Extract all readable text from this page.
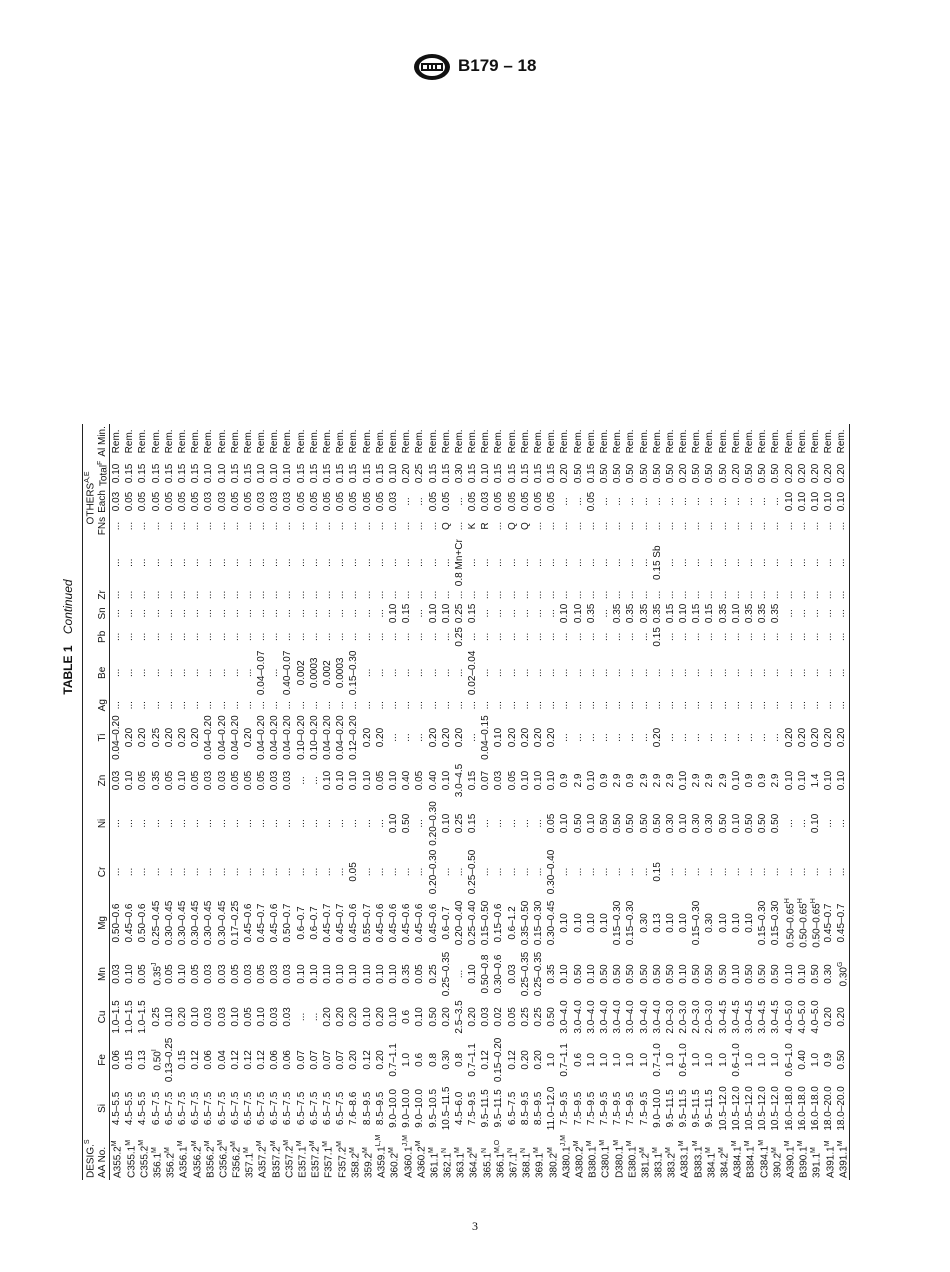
B179 – 18
TABLE 1 Continued
DESIG.$^S$																$OTHERS^{A,E}$	
AA No.	Si	Fe	Cu	Mn	Mg	Cr	Ni	Zn	Ti	Ag	Be	Pb	Sn	Zr		FNs	Each	Total$^F$	Al Min.
$A355.2^M$	4.5–5.5	0.06	1.0–1.5	0.03	0.50–0.6	...	...	0.03	0.04–0.20	...	...	...	...	...	...	...	0.03	0.10	Rem.
$C355.1^M$	4.5–5.5	0.15	1.0–1.5	0.10	0.45–0.6	...	...	0.10	0.20	...	...	...	...	...	...	...	0.05	0.15	Rem.
$C355.2^M$	4.5–5.5	0.13	1.0–1.5	0.05	0.50–0.6	...	...	0.05	0.20	...	...	...	...	...	...	...	0.05	0.15	Rem.
$356.1^M$	6.5–7.5	$0.50^I$	0.25	$0.35^J$	0.25–0.45	...	...	0.35	0.25	...	...	...	...	...	...	...	0.05	0.15	Rem.
$356.2^M$	6.5–7.5	0.13–0.25	0.10	0.05	0.30–0.45	...	...	0.05	0.20	...	...	...	...	...	...	...	0.05	0.15	Rem.
$A356.1^M$	6.5–7.5	0.15	0.20	0.10	0.30–0.45	...	...	0.10	0.20	...	...	...	...	...	...	...	0.05	0.15	Rem.
$A356.2^M$	6.5–7.5	0.12	0.10	0.05	0.30–0.45	...	...	0.05	0.20	...	...	...	...	...	...	...	0.05	0.15	Rem.
$B356.2^M$	6.5–7.5	0.06	0.03	0.03	0.30–0.45	...	...	0.03	0.04–0.20	...	...	...	...	...	...	...	0.03	0.10	Rem.
$C356.2^M$	6.5–7.5	0.04	0.03	0.03	0.30–0.45	...	...	0.03	0.04–0.20	...	...	...	...	...	...	...	0.03	0.10	Rem.
$F356.2^M$	6.5–7.5	0.12	0.10	0.05	0.17–0.25	...	...	0.05	0.04–0.20	...	...	...	...	...	...	...	0.05	0.15	Rem.
$357.1^M$	6.5–7.5	0.12	0.05	0.03	0.45–0.6	...	...	0.05	0.20	...	...	...	...	...	...	...	0.05	0.15	Rem.
$A357.2^M$	6.5–7.5	0.12	0.10	0.05	0.45–0.7	...	...	0.05	0.04–0.20	...	0.04–0.07	...	...	...	...	...	0.03	0.10	Rem.
$B357.2^M$	6.5–7.5	0.06	0.03	0.03	0.45–0.6	...	...	0.03	0.04–0.20	...	...	...	...	...	...	...	0.03	0.10	Rem.
$C357.2^M$	6.5–7.5	0.06	0.03	0.03	0.50–0.7	...	...	0.03	0.04–0.20	...	0.40–0.07	...	...	...	...	...	0.03	0.10	Rem.
$E357.1^M$	6.5–7.5	0.07	...	0.10	0.6–0.7	...	...	...	0.10–0.20	...	0.002	...	...	...	...	...	0.05	0.15	Rem.
$E357.2^M$	6.5–7.5	0.07	...	0.10	0.6–0.7	...	...	...	0.10–0.20	...	0.0003	...	...	...	...	...	0.05	0.15	Rem.
$F357.1^M$	6.5–7.5	0.07	0.20	0.10	0.45–0.7	...	...	0.10	0.04–0.20	...	0.002	...	...	...	...	...	0.05	0.15	Rem.
$F357.2^M$	6.5–7.5	0.07	0.20	0.10	0.45–0.7	...	...	0.10	0.04–0.20	...	0.0003	...	...	...	...	...	0.05	0.15	Rem.
$358.2^M$	7.6–8.6	0.20	0.20	0.10	0.45–0.6	0.05	...	0.10	0.12–0.20	...	0.15–0.30	...	...	...	...	...	0.05	0.15	Rem.
$359.2^M$	8.5–9.5	0.12	0.10	0.10	0.55–0.7	...	...	0.10	0.20	...	...	...	...	...	...	...	0.05	0.15	Rem.
$A359.1^{L,M}$	8.5–9.5	0.20	0.20	0.10	0.45–0.6	...	...	0.05	0.20	...	...	...	...	...	...	...	0.05	0.15	Rem.
$360.2^M$	9.0–10.0	0.7–1.1	0.10	0.10	0.45–0.6	...	0.10	0.10	...	...	...	...	0.10	...	...	...	0.03	0.10	Rem.
$A360.1^{J,M}$	9.0–10.0	1.0	0.6	0.35	0.45–0.6	...	0.50	0.40	...	...	...	...	0.15	...	...	...	...	0.20	Rem.
$A360.2^M$	9.0–10.0	0.6	0.10	0.05	0.45–0.6	...	...	0.05	...	...	...	...	...	...	...	...	...	0.25	Rem.
$361.1^M$	9.5–10.5	0.8	0.50	0.25	0.45–0.6	0.20–0.30	0.20–0.30	0.40	0.20	...	...	...	0.10	...	...	...	0.05	0.15	Rem.
$362.1^N$	10.5–11.5	0.30	0.20	0.25–0.35	0.6–0.7	...	0.10	0.10	0.20	...	...	...	0.10	...	...	Q	0.05	0.15	Rem.
$363.1^M$	4.5–6.0	0.8	2.5–3.5	...	0.20–0.40	...	0.25	3.0–4.5	0.20	...	...	0.25	0.25	...	0.8 Mn+Cr	...	...	0.30	Rem.
$364.2^M$	7.5–9.5	0.7–1.1	0.20	0.10	0.25–0.40	0.25–0.50	0.15	0.15	...	...	0.02–0.04	...	0.15	...	...	K	0.05	0.15	Rem.
$365.1^N$	9.5–11.5	0.12	0.03	0.50–0.8	0.15–0.50	...	...	0.07	0.04–0.15	...	...	...	...	...	...	R	0.03	0.10	Rem.
$366.1^{M,O}$	9.5–11.5	0.15–0.20	0.02	0.30–0.6	0.15–0.6	...	...	0.03	0.10	...	...	...	...	...	...	...	0.05	0.15	Rem.
$367.1^N$	6.5–7.5	0.12	0.05	0.03	0.6–1.2	...	...	0.05	0.20	...	...	...	...	...	...	Q	0.05	0.15	Rem.
$368.1^N$	8.5–9.5	0.20	0.25	0.25–0.35	0.35–0.50	...	...	0.10	0.20	...	...	...	...	...	...	Q	0.05	0.15	Rem.
$369.1^M$	8.5–9.5	0.20	0.25	0.25–0.35	0.15–0.30	...	...	0.10	0.20	...	...	...	...	...	...	...	0.05	0.15	Rem.
$380.2^M$	11.0–12.0	1.0	0.50	0.35	0.30–0.45	0.30–0.40	0.05	0.10	0.20	...	...	...	...	...	...	...	0.05	0.15	Rem.
$A380.1^{J,M}$	7.5–9.5	0.7–1.1	3.0–4.0	0.10	0.10	...	0.10	0.9	...	...	...	...	0.10	...	...	...	...	0.20	Rem.
$A380.2^M$	7.5–9.5	0.6	3.0–4.0	0.50	0.10	...	0.50	2.9	...	...	...	...	0.10	...	...	...	...	0.50	Rem.
$B380.1^M$	7.5–9.5	1.0	3.0–4.0	0.10	0.10	...	0.10	0.10	...	...	...	...	0.35	...	...	...	0.05	0.15	Rem.
$C380.1^M$	7.5–9.5	1.0	3.0–4.0	0.50	0.10	...	0.50	0.9	...	...	...	...	...	...	...	...	...	0.50	Rem.
$D380.1^M$	7.5–9.5	1.0	3.0–4.0	0.50	0.15–0.30	...	0.50	2.9	...	...	...	...	0.35	...	...	...	...	0.50	Rem.
$E380.1^M$	7.5–9.5	1.0	3.0–4.0	0.50	0.15–0.30	...	0.50	0.9	...	...	...	...	0.35	...	...	...	...	0.50	Rem.
$381.2^M$	7.5–9.5	1.0	3.0–4.0	0.50	0.30	...	0.50	2.9	...	...	...	...	0.35	...	...	...	...	0.50	Rem.
$383.1^M$	9.0–10.0	0.7–1.0	3.0–4.0	0.50	0.13	0.15	0.50	2.9	0.20	...	...	0.15	0.35	...	0.15 Sb	...	...	0.50	Rem.
$383.2^M$	9.5–11.5	1.0	2.0–3.0	0.50	0.10	...	0.30	2.9	...	...	...	...	0.15	...	...	...	...	0.50	Rem.
$A383.1^M$	9.5–11.5	0.6–1.0	2.0–3.0	0.10	0.10	...	0.10	0.10	...	...	...	...	0.10	...	...	...	...	0.20	Rem.
$B383.1^M$	9.5–11.5	1.0	2.0–3.0	0.50	0.15–0.30	...	0.30	2.9	...	...	...	...	0.15	...	...	...	...	0.50	Rem.
$384.1^M$	9.5–11.5	1.0	2.0–3.0	0.50	0.30	...	0.30	2.9	...	...	...	...	0.15	...	...	...	...	0.50	Rem.
$384.2^M$	10.5–12.0	1.0	3.0–4.5	0.50	0.10	...	0.50	2.9	...	...	...	...	0.35	...	...	...	...	0.50	Rem.
$A384.1^M$	10.5–12.0	0.6–1.0	3.0–4.5	0.10	0.10	...	0.10	0.10	...	...	...	...	0.10	...	...	...	...	0.20	Rem.
$B384.1^M$	10.5–12.0	1.0	3.0–4.5	0.50	0.10	...	0.50	0.9	...	...	...	...	0.35	...	...	...	...	0.50	Rem.
$C384.1^M$	10.5–12.0	1.0	3.0–4.5	0.50	0.15–0.30	...	0.50	0.9	...	...	...	...	0.35	...	...	...	...	0.50	Rem.
$390.2^M$	10.5–12.0	1.0	3.0–4.5	0.50	0.15–0.30	...	0.50	2.9	...	...	...	...	0.35	...	...	...	...	0.50	Rem.
$A390.1^M$	16.0–18.0	0.6–1.0	4.0–5.0	0.10	$0.50-0.65^H$	...	...	0.10	0.20	...	...	...	...	...	...	...	0.10	0.20	Rem.
$B390.1^M$	16.0–18.0	0.40	4.0–5.0	0.10	$0.50-0.65^H$	...	...	0.10	0.20	...	...	...	...	...	...	...	0.10	0.20	Rem.
$391.1^M$	16.0–18.0	1.0	4.0–5.0	0.50	$0.50-0.65^H$	...	0.10	1.4	0.20	...	...	...	...	...	...	...	0.10	0.20	Rem.
$A391.1^M$	18.0–20.0	0.9	0.20	0.30	0.45–0.7	...	...	0.10	0.20	...	...	...	...	...	...	...	0.10	0.20	Rem.
$A391.1^M$	18.0–20.0	0.50	0.20	$0.30^G$	0.45–0.7	...	...	0.10	0.20	...	...	...	...	...	...	...	0.10	0.20	Rem.
3
